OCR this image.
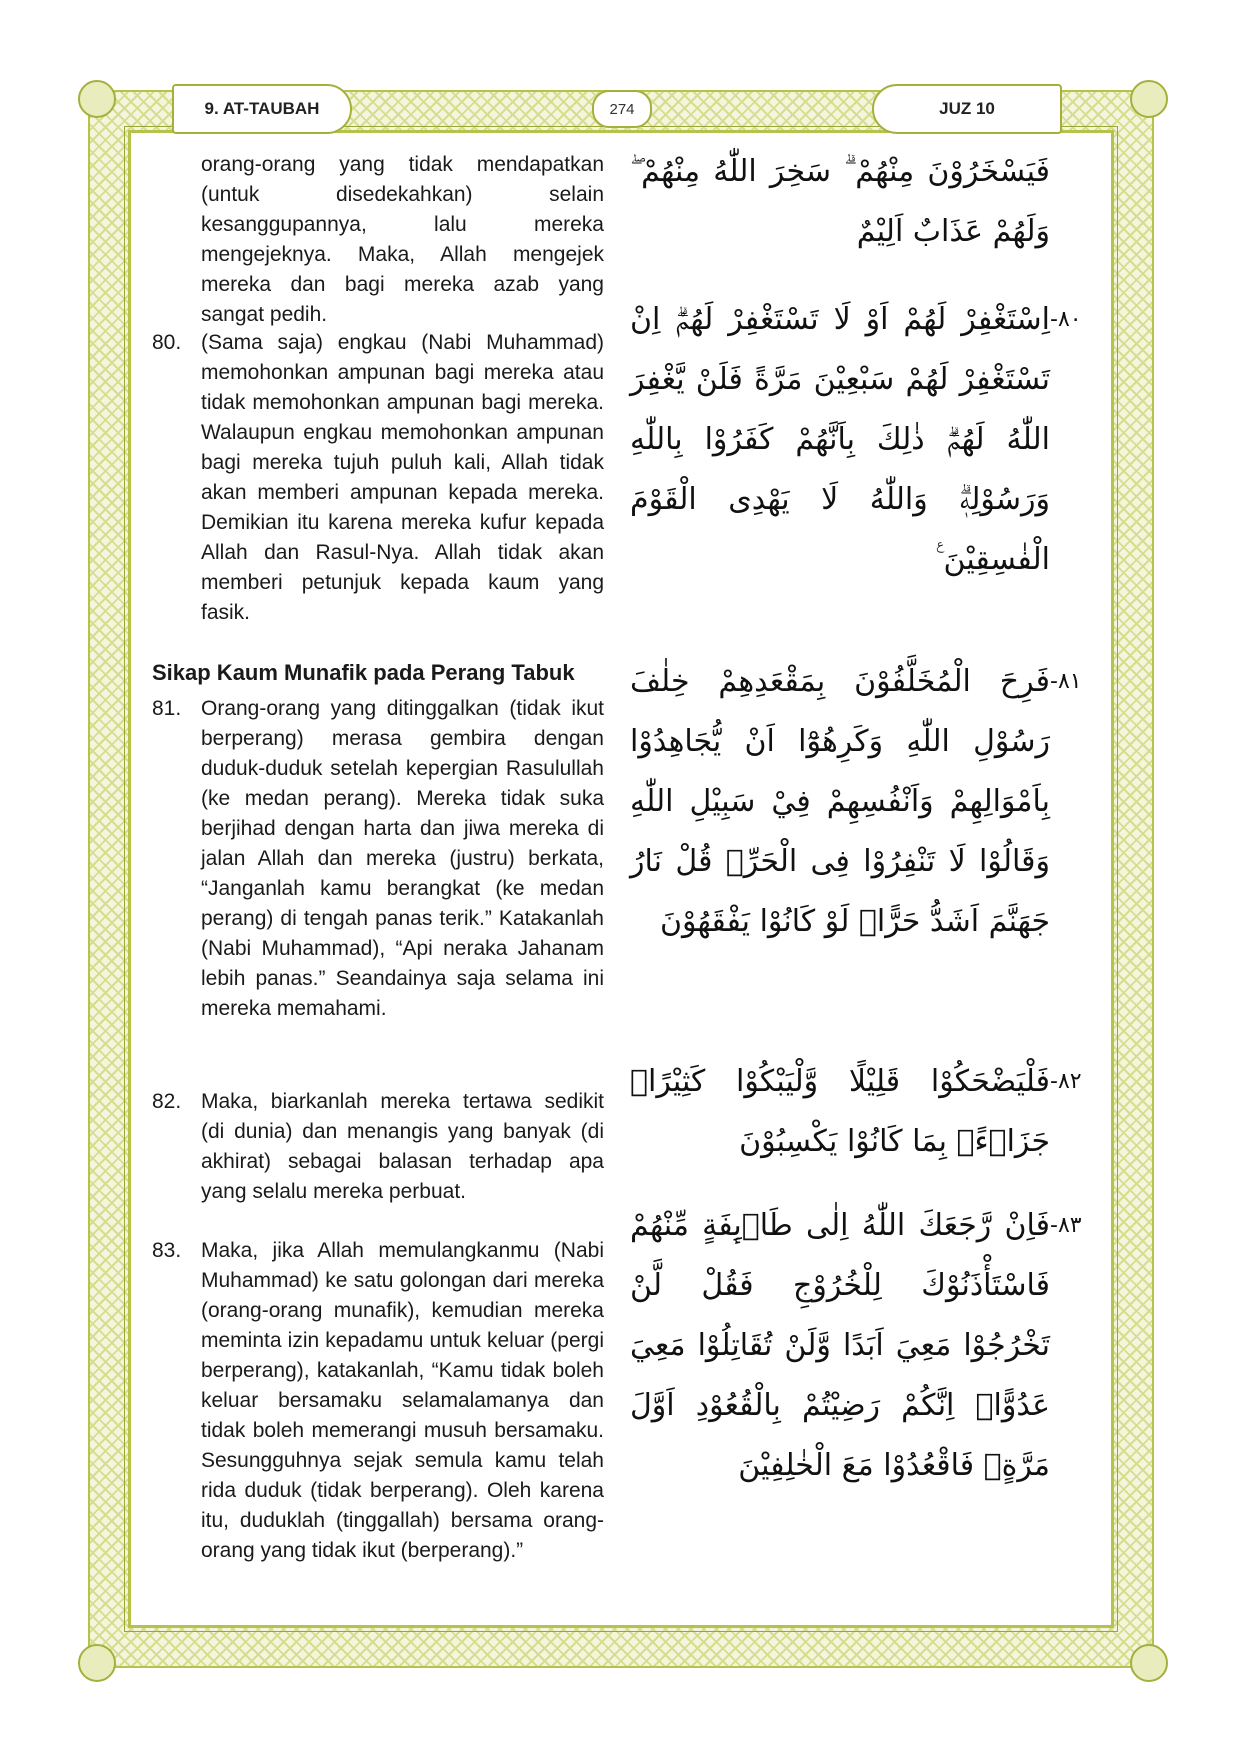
9. AT-TAUBAH	274	JUZ 10
orang-orang yang tidak mendapatkan (untuk disedekahkan) selain kesanggupannya, lalu mereka mengejeknya. Maka, Allah mengejek mereka dan bagi mereka azab yang sangat pedih.
80. (Sama saja) engkau (Nabi Muhammad) memohonkan ampunan bagi mereka atau tidak memohonkan ampunan bagi mereka. Walaupun engkau memohonkan ampunan bagi mereka tujuh puluh kali, Allah tidak akan memberi ampunan kepada mereka. Demikian itu karena mereka kufur kepada Allah dan Rasul-Nya. Allah tidak akan memberi petunjuk kepada kaum yang fasik.
Sikap Kaum Munafik pada Perang Tabuk
81. Orang-orang yang ditinggalkan (tidak ikut berperang) merasa gembira dengan duduk-duduk setelah kepergian Rasulullah (ke medan perang). Mereka tidak suka berjihad dengan harta dan jiwa mereka di jalan Allah dan mereka (justru) berkata, “Janganlah kamu berangkat (ke medan perang) di tengah panas terik.” Katakanlah (Nabi Muhammad), “Api neraka Jahanam lebih panas.” Seandainya saja selama ini mereka memahami.
82. Maka, biarkanlah mereka tertawa sedikit (di dunia) dan menangis yang banyak (di akhirat) sebagai balasan terhadap apa yang selalu mereka perbuat.
83. Maka, jika Allah memulangkanmu (Nabi Muhammad) ke satu golongan dari mereka (orang-orang munafik), kemudian mereka meminta izin kepadamu untuk keluar (pergi berperang), katakanlah, “Kamu tidak boleh keluar bersamaku selamalamanya dan tidak boleh memerangi musuh bersamaku. Sesungguhnya sejak semula kamu telah rida duduk (tidak berperang). Oleh karena itu, duduklah (tinggallah) bersama orang-orang yang tidak ikut (berperang).”
فَيَسْخَرُوْنَ مِنْهُمْ ۗ سَخِرَ اللّٰهُ مِنْهُمْ ۖ وَلَهُمْ عَذَابٌ اَلِيْمٌ
-٨٠
اِسْتَغْفِرْ لَهُمْ اَوْ لَا تَسْتَغْفِرْ لَهُمْۗ اِنْ تَسْتَغْفِرْ لَهُمْ سَبْعِيْنَ مَرَّةً فَلَنْ يَّغْفِرَ اللّٰهُ لَهُمْۗ ذٰلِكَ بِاَنَّهُمْ كَفَرُوْا بِاللّٰهِ وَرَسُوْلِهٖۗ وَاللّٰهُ لَا يَهْدِى الْقَوْمَ الْفٰسِقِيْنَ ࣖ
-٨١
فَرِحَ الْمُخَلَّفُوْنَ بِمَقْعَدِهِمْ خِلٰفَ رَسُوْلِ اللّٰهِ وَكَرِهُوْٓا اَنْ يُّجَاهِدُوْا بِاَمْوَالِهِمْ وَاَنْفُسِهِمْ فِيْ سَبِيْلِ اللّٰهِ وَقَالُوْا لَا تَنْفِرُوْا فِى الْحَرِّۗ قُلْ نَارُ جَهَنَّمَ اَشَدُّ حَرًّاۗ لَوْ كَانُوْا يَفْقَهُوْنَ
-٨٢
فَلْيَضْحَكُوْا قَلِيْلًا وَّلْيَبْكُوْا كَثِيْرًاۚ جَزَاۤءًۢ بِمَا كَانُوْا يَكْسِبُوْنَ
-٨٣
فَاِنْ رَّجَعَكَ اللّٰهُ اِلٰى طَاۤىِٕفَةٍ مِّنْهُمْ فَاسْتَأْذَنُوْكَ لِلْخُرُوْجِ فَقُلْ لَّنْ تَخْرُجُوْا مَعِيَ اَبَدًا وَّلَنْ تُقَاتِلُوْا مَعِيَ عَدُوًّاۗ اِنَّكُمْ رَضِيْتُمْ بِالْقُعُوْدِ اَوَّلَ مَرَّةٍۗ فَاقْعُدُوْا مَعَ الْخٰلِفِيْنَ
